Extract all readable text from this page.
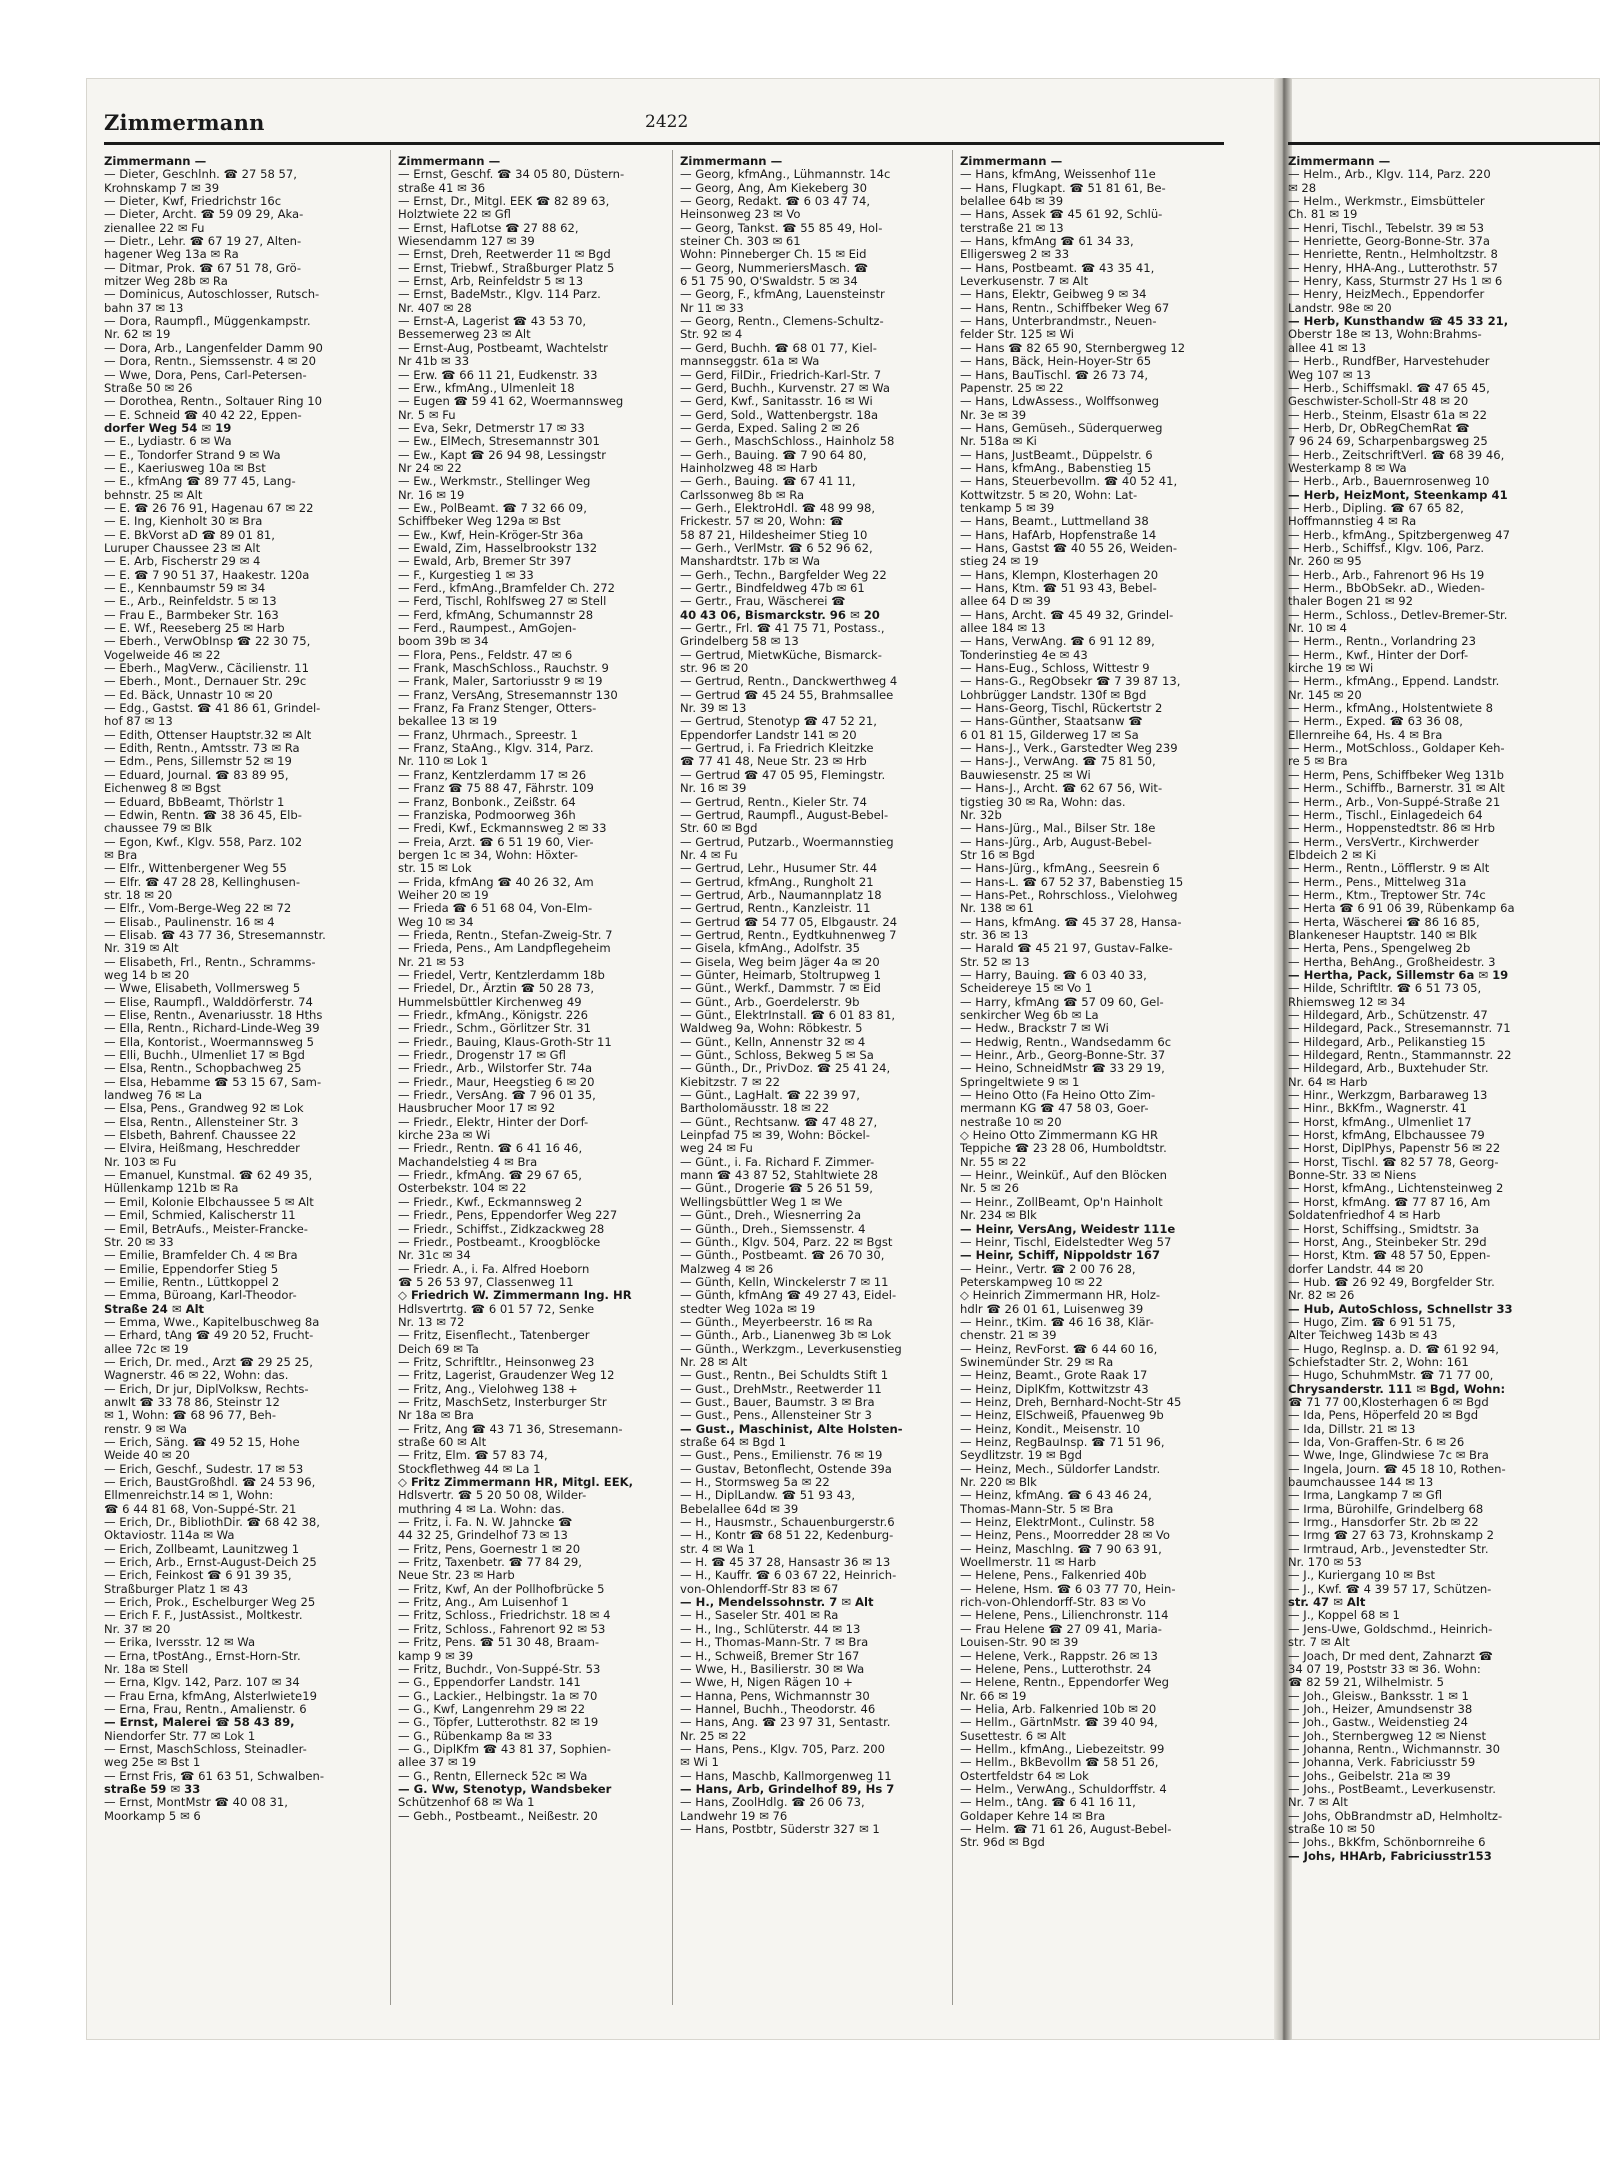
Zimmermann	2422
Zimmermann —
— Dieter, Geschlnh. ☎ 27 58 57,
Krohnskamp 7 ✉ 39
— Dieter, Kwf, Friedrichstr 16c
— Dieter, Archt. ☎ 59 09 29, Aka-
zienallee 22 ✉ Fu
— Dietr., Lehr. ☎ 67 19 27, Alten-
hagener Weg 13a ✉ Ra
— Ditmar, Prok. ☎ 67 51 78, Grö-
mitzer Weg 28b ✉ Ra
— Dominicus, Autoschlosser, Rutsch-
bahn 37 ✉ 13
— Dora, Raumpfl., Müggenkampstr.
Nr. 62 ✉ 19
— Dora, Arb., Langenfelder Damm 90
— Dora, Rentn., Siemssenstr. 4 ✉ 20
— Wwe, Dora, Pens, Carl-Petersen-
Straße 50 ✉ 26
— Dorothea, Rentn., Soltauer Ring 10
— E. Schneid ☎ 40 42 22, Eppen-
dorfer Weg 54 ✉ 19
— E., Lydiastr. 6 ✉ Wa
— E., Tondorfer Strand 9 ✉ Wa
— E., Kaeriusweg 10a ✉ Bst
— E., kfmAng ☎ 89 77 45, Lang-
behnstr. 25 ✉ Alt
— E. ☎ 26 76 91, Hagenau 67 ✉ 22
— E. Ing, Kienholt 30 ✉ Bra
— E. BkVorst aD ☎ 89 01 81,
Luruper Chaussee 23 ✉ Alt
— E. Arb, Fischerstr 29 ✉ 4
— E. ☎ 7 90 51 37, Haakestr. 120a
— E., Kennbaumstr 59 ✉ 34
— E., Arb., Reinfeldstr. 5 ✉ 13
— Frau E., Barmbeker Str. 163
— E. Wf., Reeseberg 25 ✉ Harb
— Eberh., VerwObInsp ☎ 22 30 75,
Vogelweide 46 ✉ 22
— Eberh., MagVerw., Cäcilienstr. 11
— Eberh., Mont., Dernauer Str. 29c
— Ed. Bäck, Unnastr 10 ✉ 20
— Edg., Gastst. ☎ 41 86 61, Grindel-
hof 87 ✉ 13
— Edith, Ottenser Hauptstr.32 ✉ Alt
— Edith, Rentn., Amtsstr. 73 ✉ Ra
— Edm., Pens, Sillemstr 52 ✉ 19
— Eduard, Journal. ☎ 83 89 95,
Eichenweg 8 ✉ Bgst
— Eduard, BbBeamt, Thörlstr 1
— Edwin, Rentn. ☎ 38 36 45, Elb-
chaussee 79 ✉ Blk
— Egon, Kwf., Klgv. 558, Parz. 102
✉ Bra
— Elfr., Wittenbergener Weg 55
— Elfr. ☎ 47 28 28, Kellinghusen-
str. 18 ✉ 20
— Elfr., Vom-Berge-Weg 22 ✉ 72
— Elisab., Paulinenstr. 16 ✉ 4
— Elisab. ☎ 43 77 36, Stresemannstr.
Nr. 319 ✉ Alt
— Elisabeth, Frl., Rentn., Schramms-
weg 14 b ✉ 20
— Wwe, Elisabeth, Vollmersweg 5
— Elise, Raumpfl., Walddörferstr. 74
— Elise, Rentn., Avenariusstr. 18 Hths
— Ella, Rentn., Richard-Linde-Weg 39
— Ella, Kontorist., Woermannsweg 5
— Elli, Buchh., Ulmenliet 17 ✉ Bgd
— Elsa, Rentn., Schopbachweg 25
— Elsa, Hebamme ☎ 53 15 67, Sam-
landweg 76 ✉ La
— Elsa, Pens., Grandweg 92 ✉ Lok
— Elsa, Rentn., Allensteiner Str. 3
— Elsbeth, Bahrenf. Chaussee 22
— Elvira, Heißmang, Heschredder
Nr. 103 ✉ Fu
— Emanuel, Kunstmal. ☎ 62 49 35,
Hüllenkamp 121b ✉ Ra
— Emil, Kolonie Elbchaussee 5 ✉ Alt
— Emil, Schmied, Kalischerstr 11
— Emil, BetrAufs., Meister-Francke-
Str. 20 ✉ 33
— Emilie, Bramfelder Ch. 4 ✉ Bra
— Emilie, Eppendorfer Stieg 5
— Emilie, Rentn., Lüttkoppel 2
— Emma, Büroang, Karl-Theodor-
Straße 24 ✉ Alt
— Emma, Wwe., Kapitelbuschweg 8a
— Erhard, tAng ☎ 49 20 52, Frucht-
allee 72c ✉ 19
— Erich, Dr. med., Arzt ☎ 29 25 25,
Wagnerstr. 46 ✉ 22, Wohn: das.
— Erich, Dr jur, DiplVolksw, Rechts-
anwlt ☎ 33 78 86, Steinstr 12
✉ 1, Wohn: ☎ 68 96 77, Beh-
renstr. 9 ✉ Wa
— Erich, Säng. ☎ 49 52 15, Hohe
Weide 40 ✉ 20
— Erich, Geschf., Sudestr. 17 ✉ 53
— Erich, BaustGroßhdl. ☎ 24 53 96,
Ellmenreichstr.14 ✉ 1, Wohn:
☎ 6 44 81 68, Von-Suppé-Str. 21
— Erich, Dr., BibliothDir. ☎ 68 42 38,
Oktaviostr. 114a ✉ Wa
— Erich, Zollbeamt, Launitzweg 1
— Erich, Arb., Ernst-August-Deich 25
— Erich, Feinkost ☎ 6 91 39 35,
Straßburger Platz 1 ✉ 43
— Erich, Prok., Eschelburger Weg 25
— Erich F. F., JustAssist., Moltkestr.
Nr. 37 ✉ 20
— Erika, Iversstr. 12 ✉ Wa
— Erna, tPostAng., Ernst-Horn-Str.
Nr. 18a ✉ Stell
— Erna, Klgv. 142, Parz. 107 ✉ 34
— Frau Erna, kfmAng, Alsterlwiete19
— Erna, Frau, Rentn., Amalienstr. 6
— Ernst, Malerei ☎ 58 43 89,
Niendorfer Str. 77 ✉ Lok 1
— Ernst, MaschSchloss, Steinadler-
weg 25e ✉ Bst 1
— Ernst Fris, ☎ 61 63 51, Schwalben-
straße 59 ✉ 33
— Ernst, MontMstr ☎ 40 08 31,
Moorkamp 5 ✉ 6
Zimmermann —
— Ernst, Geschf. ☎ 34 05 80, Düstern-
straße 41 ✉ 36
— Ernst, Dr., Mitgl. EEK ☎ 82 89 63,
Holztwiete 22 ✉ Gfl
— Ernst, HafLotse ☎ 27 88 62,
Wiesendamm 127 ✉ 39
— Ernst, Dreh, Reetwerder 11 ✉ Bgd
— Ernst, Triebwf., Straßburger Platz 5
— Ernst, Arb, Reinfeldstr 5 ✉ 13
— Ernst, BadeMstr., Klgv. 114 Parz.
Nr. 407 ✉ 28
— Ernst-A, Lagerist ☎ 43 53 70,
Bessemerweg 23 ✉ Alt
— Ernst-Aug, Postbeamt, Wachtelstr
Nr 41b ✉ 33
— Erw. ☎ 66 11 21, Eudkenstr. 33
— Erw., kfmAng., Ulmenleit 18
— Eugen ☎ 59 41 62, Woermannsweg
Nr. 5 ✉ Fu
— Eva, Sekr, Detmerstr 17 ✉ 33
— Ew., ElMech, Stresemannstr 301
— Ew., Kapt ☎ 26 94 98, Lessingstr
Nr 24 ✉ 22
— Ew., Werkmstr., Stellinger Weg
Nr. 16 ✉ 19
— Ew., PolBeamt. ☎ 7 32 66 09,
Schiffbeker Weg 129a ✉ Bst
— Ew., Kwf, Hein-Kröger-Str 36a
— Ewald, Zim, Hasselbrookstr 132
— Ewald, Arb, Bremer Str 397
— F., Kurgestieg 1 ✉ 33
— Ferd., kfmAng.,Bramfelder Ch. 272
— Ferd, Tischl, Rohlfsweg 27 ✉ Stell
— Ferd, kfmAng, Schumannstr 28
— Ferd., Raumpest., AmGojen-
boom 39b ✉ 34
— Flora, Pens., Feldstr. 47 ✉ 6
— Frank, MaschSchloss., Rauchstr. 9
— Frank, Maler, Sartoriusstr 9 ✉ 19
— Franz, VersAng, Stresemannstr 130
— Franz, Fa Franz Stenger, Otters-
bekallee 13 ✉ 19
— Franz, Uhrmach., Spreestr. 1
— Franz, StaAng., Klgv. 314, Parz.
Nr. 110 ✉ Lok 1
— Franz, Kentzlerdamm 17 ✉ 26
— Franz ☎ 75 88 47, Fährstr. 109
— Franz, Bonbonk., Zeißstr. 64
— Franziska, Podmoorweg 36h
— Fredi, Kwf., Eckmannsweg 2 ✉ 33
— Freia, Arzt. ☎ 6 51 19 60, Vier-
bergen 1c ✉ 34, Wohn: Höxter-
str. 15 ✉ Lok
— Frida, kfmAng ☎ 40 26 32, Am
Weiher 20 ✉ 19
— Frieda ☎ 6 51 68 04, Von-Elm-
Weg 10 ✉ 34
— Frieda, Rentn., Stefan-Zweig-Str. 7
— Frieda, Pens., Am Landpflegeheim
Nr. 21 ✉ 53
— Friedel, Vertr, Kentzlerdamm 18b
— Friedel, Dr., Ärztin ☎ 50 28 73,
Hummelsbüttler Kirchenweg 49
— Friedr., kfmAng., Königstr. 226
— Friedr., Schm., Görlitzer Str. 31
— Friedr., Bauing, Klaus-Groth-Str 11
— Friedr., Drogenstr 17 ✉ Gfl
— Friedr., Arb., Wilstorfer Str. 74a
— Friedr., Maur, Heegstieg 6 ✉ 20
— Friedr., VersAng. ☎ 7 96 01 35,
Hausbrucher Moor 17 ✉ 92
— Friedr., Elektr, Hinter der Dorf-
kirche 23a ✉ Wi
— Friedr., Rentn. ☎ 6 41 16 46,
Machandelstieg 4 ✉ Bra
— Friedr., kfmAng. ☎ 29 67 65,
Osterbekstr. 104 ✉ 22
— Friedr., Kwf., Eckmannsweg 2
— Friedr., Pens, Eppendorfer Weg 227
— Friedr., Schiffst., Zidkzackweg 28
— Friedr., Postbeamt., Kroogblöcke
Nr. 31c ✉ 34
— Friedr. A., i. Fa. Alfred Hoeborn
☎ 5 26 53 97, Classenweg 11
◇ Friedrich W. Zimmermann Ing. HR
Hdlsvertrtg. ☎ 6 01 57 72, Senke
Nr. 13 ✉ 72
— Fritz, Eisenflecht., Tatenberger
Deich 69 ✉ Ta
— Fritz, Schriftltr., Heinsonweg 23
— Fritz, Lagerist, Graudenzer Weg 12
— Fritz, Ang., Vielohweg 138 +
— Fritz, MaschSetz, Insterburger Str
Nr 18a ✉ Bra
— Fritz, Ang ☎ 43 71 36, Stresemann-
straße 60 ✉ Alt
— Fritz, Elm. ☎ 57 83 74,
Stockflethweg 44 ✉ La 1
◇ Fritz Zimmermann HR, Mitgl. EEK,
Hdlsvertr. ☎ 5 20 50 08, Wilder-
muthring 4 ✉ La. Wohn: das.
— Fritz, i. Fa. N. W. Jahncke ☎
44 32 25, Grindelhof 73 ✉ 13
— Fritz, Pens, Goernestr 1 ✉ 20
— Fritz, Taxenbetr. ☎ 77 84 29,
Neue Str. 23 ✉ Harb
— Fritz, Kwf, An der Pollhofbrücke 5
— Fritz, Ang., Am Luisenhof 1
— Fritz, Schloss., Friedrichstr. 18 ✉ 4
— Fritz, Schloss., Fahrenort 92 ✉ 53
— Fritz, Pens. ☎ 51 30 48, Braam-
kamp 9 ✉ 39
— Fritz, Buchdr., Von-Suppé-Str. 53
— G., Eppendorfer Landstr. 141
— G., Lackier., Helbingstr. 1a ✉ 70
— G., Kwf, Langenrehm 29 ✉ 22
— G., Töpfer, Lutterothstr. 82 ✉ 19
— G., Rübenkamp 8a ✉ 33
— G., DiplKfm ☎ 43 81 37, Sophien-
allee 37 ✉ 19
— G., Rentn, Ellerneck 52c ✉ Wa
— G. Ww, Stenotyp, Wandsbeker
Schützenhof 68 ✉ Wa 1
— Gebh., Postbeamt., Neißestr. 20
Zimmermann —
— Georg, kfmAng., Lühmannstr. 14c
— Georg, Ang, Am Kiekeberg 30
— Georg, Redakt. ☎ 6 03 47 74,
Heinsonweg 23 ✉ Vo
— Georg, Tankst. ☎ 55 85 49, Hol-
steiner Ch. 303 ✉ 61
Wohn: Pinneberger Ch. 15 ✉ Eid
— Georg, NummeriersMasch. ☎
6 51 75 90, O'Swaldstr. 5 ✉ 34
— Georg, F., kfmAng, Lauensteinstr
Nr 11 ✉ 33
— Georg, Rentn., Clemens-Schultz-
Str. 92 ✉ 4
— Gerd, Buchh. ☎ 68 01 77, Kiel-
mannseggstr. 61a ✉ Wa
— Gerd, FilDir., Friedrich-Karl-Str. 7
— Gerd, Buchh., Kurvenstr. 27 ✉ Wa
— Gerd, Kwf., Sanitasstr. 16 ✉ Wi
— Gerd, Sold., Wattenbergstr. 18a
— Gerda, Exped. Saling 2 ✉ 26
— Gerh., MaschSchloss., Hainholz 58
— Gerh., Bauing. ☎ 7 90 64 80,
Hainholzweg 48 ✉ Harb
— Gerh., Bauing. ☎ 67 41 11,
Carlssonweg 8b ✉ Ra
— Gerh., ElektroHdl. ☎ 48 99 98,
Frickestr. 57 ✉ 20, Wohn: ☎
58 87 21, Hildesheimer Stieg 10
— Gerh., VerlMstr. ☎ 6 52 96 62,
Manshardtstr. 17b ✉ Wa
— Gerh., Techn., Bargfelder Weg 22
— Gertr., Bindfeldweg 47b ✉ 61
— Gertr., Frau, Wäscherei ☎
40 43 06, Bismarckstr. 96 ✉ 20
— Gertr., Frl. ☎ 41 75 71, Postass.,
Grindelberg 58 ✉ 13
— Gertrud, MietwKüche, Bismarck-
str. 96 ✉ 20
— Gertrud, Rentn., Danckwerthweg 4
— Gertrud ☎ 45 24 55, Brahmsallee
Nr. 39 ✉ 13
— Gertrud, Stenotyp ☎ 47 52 21,
Eppendorfer Landstr 141 ✉ 20
— Gertrud, i. Fa Friedrich Kleitzke
☎ 77 41 48, Neue Str. 23 ✉ Hrb
— Gertrud ☎ 47 05 95, Flemingstr.
Nr. 16 ✉ 39
— Gertrud, Rentn., Kieler Str. 74
— Gertrud, Raumpfl., August-Bebel-
Str. 60 ✉ Bgd
— Gertrud, Putzarb., Woermannstieg
Nr. 4 ✉ Fu
— Gertrud, Lehr., Husumer Str. 44
— Gertrud, kfmAng., Rungholt 21
— Gertrud, Arb., Naumannplatz 18
— Gertrud, Rentn., Kanzleistr. 11
— Gertrud ☎ 54 77 05, Elbgaustr. 24
— Gertrud, Rentn., Eydtkuhnenweg 7
— Gisela, kfmAng., Adolfstr. 35
— Gisela, Weg beim Jäger 4a ✉ 20
— Günter, Heimarb, Stoltrupweg 1
— Günt., Werkf., Dammstr. 7 ✉ Eid
— Günt., Arb., Goerdelerstr. 9b
— Günt., ElektrInstall. ☎ 6 01 83 81,
Waldweg 9a, Wohn: Röbkestr. 5
— Günt., Kelln, Annenstr 32 ✉ 4
— Günt., Schloss, Bekweg 5 ✉ Sa
— Günth., Dr., PrivDoz. ☎ 25 41 24,
Kiebitzstr. 7 ✉ 22
— Günt., LagHalt. ☎ 22 39 97,
Bartholomäusstr. 18 ✉ 22
— Günt., Rechtsanw. ☎ 47 48 27,
Leinpfad 75 ✉ 39, Wohn: Böckel-
weg 24 ✉ Fu
— Günt., i. Fa. Richard F. Zimmer-
mann ☎ 43 87 52, Stahltwiete 28
— Günt., Drogerie ☎ 5 26 51 59,
Wellingsbüttler Weg 1 ✉ We
— Günt., Dreh., Wiesnerring 2a
— Günth., Dreh., Siemssenstr. 4
— Günth., Klgv. 504, Parz. 22 ✉ Bgst
— Günth., Postbeamt. ☎ 26 70 30,
Malzweg 4 ✉ 26
— Günth, Kelln, Winckelerstr 7 ✉ 11
— Günth, kfmAng ☎ 49 27 43, Eidel-
stedter Weg 102a ✉ 19
— Günth., Meyerbeerstr. 16 ✉ Ra
— Günth., Arb., Lianenweg 3b ✉ Lok
— Günth., Werkzgm., Leverkusenstieg
Nr. 28 ✉ Alt
— Gust., Rentn., Bei Schuldts Stift 1
— Gust., DrehMstr., Reetwerder 11
— Gust., Bauer, Baumstr. 3 ✉ Bra
— Gust., Pens., Allensteiner Str 3
— Gust., Maschinist, Alte Holsten-
straße 64 ✉ Bgd 1
— Gust., Pens., Emilienstr. 76 ✉ 19
— Gustav, Betonflecht, Ostende 39a
— H., Stormsweg 5a ✉ 22
— H., DiplLandw. ☎ 51 93 43,
Bebelallee 64d ✉ 39
— H., Hausmstr., Schauenburgerstr.6
— H., Kontr ☎ 68 51 22, Kedenburg-
str. 4 ✉ Wa 1
— H. ☎ 45 37 28, Hansastr 36 ✉ 13
— H., Kauffr. ☎ 6 03 67 22, Heinrich-
von-Ohlendorff-Str 83 ✉ 67
— H., Mendelssohnstr. 7 ✉ Alt
— H., Saseler Str. 401 ✉ Ra
— H., Ing., Schlüterstr. 44 ✉ 13
— H., Thomas-Mann-Str. 7 ✉ Bra
— H., Schweiß, Bremer Str 167
— Wwe, H., Basilierstr. 30 ✉ Wa
— Wwe, H, Nigen Rägen 10 +
— Hanna, Pens, Wichmannstr 30
— Hannel, Buchh., Theodorstr. 46
— Hans, Ang. ☎ 23 97 31, Sentastr.
Nr. 25 ✉ 22
— Hans, Pens., Klgv. 705, Parz. 200
✉ Wi 1
— Hans, Maschb, Kallmorgenweg 11
— Hans, Arb, Grindelhof 89, Hs 7
— Hans, ZoolHdlg. ☎ 26 06 73,
Landwehr 19 ✉ 76
— Hans, Postbtr, Süderstr 327 ✉ 1
Zimmermann —
— Hans, kfmAng, Weissenhof 11e
— Hans, Flugkapt. ☎ 51 81 61, Be-
belallee 64b ✉ 39
— Hans, Assek ☎ 45 61 92, Schlü-
terstraße 21 ✉ 13
— Hans, kfmAng ☎ 61 34 33,
Elligersweg 2 ✉ 33
— Hans, Postbeamt. ☎ 43 35 41,
Leverkusenstr. 7 ✉ Alt
— Hans, Elektr, Geibweg 9 ✉ 34
— Hans, Rentn., Schiffbeker Weg 67
— Hans, Unterbrandmstr., Neuen-
felder Str. 125 ✉ Wi
— Hans ☎ 82 65 90, Sternbergweg 12
— Hans, Bäck, Hein-Hoyer-Str 65
— Hans, BauTischl. ☎ 26 73 74,
Papenstr. 25 ✉ 22
— Hans, LdwAssess., Wolffsonweg
Nr. 3e ✉ 39
— Hans, Gemüseh., Süderquerweg
Nr. 518a ✉ Ki
— Hans, JustBeamt., Düppelstr. 6
— Hans, kfmAng., Babenstieg 15
— Hans, Steuerbevollm. ☎ 40 52 41,
Kottwitzstr. 5 ✉ 20, Wohn: Lat-
tenkamp 5 ✉ 39
— Hans, Beamt., Luttmelland 38
— Hans, HafArb, Hopfenstraße 14
— Hans, Gastst ☎ 40 55 26, Weiden-
stieg 24 ✉ 19
— Hans, Klempn, Klosterhagen 20
— Hans, Ktm. ☎ 51 93 43, Bebel-
allee 64 D ✉ 39
— Hans, Archt. ☎ 45 49 32, Grindel-
allee 184 ✉ 13
— Hans, VerwAng. ☎ 6 91 12 89,
Tonderinstieg 4e ✉ 43
— Hans-Eug., Schloss, Wittestr 9
— Hans-G., RegObsekr ☎ 7 39 87 13,
Lohbrügger Landstr. 130f ✉ Bgd
— Hans-Georg, Tischl, Rückertstr 2
— Hans-Günther, Staatsanw ☎
6 01 81 15, Gilderweg 17 ✉ Sa
— Hans-J., Verk., Garstedter Weg 239
— Hans-J., VerwAng. ☎ 75 81 50,
Bauwiesenstr. 25 ✉ Wi
— Hans-J., Archt. ☎ 62 67 56, Wit-
tigstieg 30 ✉ Ra, Wohn: das.
Nr. 32b
— Hans-Jürg., Mal., Bilser Str. 18e
— Hans-Jürg., Arb, August-Bebel-
Str 16 ✉ Bgd
— Hans-Jürg., kfmAng., Seesrein 6
— Hans-L. ☎ 67 52 37, Babenstieg 15
— Hans-Pet., Rohrschloss., Vielohweg
Nr. 138 ✉ 61
— Hans, kfmAng. ☎ 45 37 28, Hansa-
str. 36 ✉ 13
— Harald ☎ 45 21 97, Gustav-Falke-
Str. 52 ✉ 13
— Harry, Bauing. ☎ 6 03 40 33,
Scheidereye 15 ✉ Vo 1
— Harry, kfmAng ☎ 57 09 60, Gel-
senkircher Weg 6b ✉ La
— Hedw., Brackstr 7 ✉ Wi
— Hedwig, Rentn., Wandsedamm 6c
— Heinr., Arb., Georg-Bonne-Str. 37
— Heino, SchneidMstr ☎ 33 29 19,
Springeltwiete 9 ✉ 1
— Heino Otto (Fa Heino Otto Zim-
mermann KG ☎ 47 58 03, Goer-
nestraße 10 ✉ 20
◇ Heino Otto Zimmermann KG HR
Teppiche ☎ 23 28 06, Humboldtstr.
Nr. 55 ✉ 22
— Heinr., Weinküf., Auf den Blöcken
Nr. 5 ✉ 26
— Heinr., ZollBeamt, Op'n Hainholt
Nr. 234 ✉ Blk
— Heinr, VersAng, Weidestr 111e
— Heinr, Tischl, Eidelstedter Weg 57
— Heinr, Schiff, Nippoldstr 167
— Heinr., Vertr. ☎ 2 00 76 28,
Peterskampweg 10 ✉ 22
◇ Heinrich Zimmermann HR, Holz-
hdlr ☎ 26 01 61, Luisenweg 39
— Heinr., tKim. ☎ 46 16 38, Klär-
chenstr. 21 ✉ 39
— Heinz, RevForst. ☎ 6 44 60 16,
Swinemünder Str. 29 ✉ Ra
— Heinz, Beamt., Grote Raak 17
— Heinz, DiplKfm, Kottwitzstr 43
— Heinz, Dreh, Bernhard-Nocht-Str 45
— Heinz, ElSchweiß, Pfauenweg 9b
— Heinz, Kondit., Meisenstr. 10
— Heinz, RegBauInsp. ☎ 71 51 96,
Seydlitzstr. 19 ✉ Bgd
— Heinz, Mech., Süldorfer Landstr.
Nr. 220 ✉ Blk
— Heinz, kfmAng. ☎ 6 43 46 24,
Thomas-Mann-Str. 5 ✉ Bra
— Heinz, ElektrMont., Culinstr. 58
— Heinz, Pens., Moorredder 28 ✉ Vo
— Heinz, Maschlng. ☎ 7 90 63 91,
Woellmerstr. 11 ✉ Harb
— Helene, Pens., Falkenried 40b
— Helene, Hsm. ☎ 6 03 77 70, Hein-
rich-von-Ohlendorff-Str. 83 ✉ Vo
— Helene, Pens., Lilienchronstr. 114
— Frau Helene ☎ 27 09 41, Maria-
Louisen-Str. 90 ✉ 39
— Helene, Verk., Rappstr. 26 ✉ 13
— Helene, Pens., Lutterothstr. 24
— Helene, Rentn., Eppendorfer Weg
Nr. 66 ✉ 19
— Helia, Arb. Falkenried 10b ✉ 20
— Hellm., GärtnMstr. ☎ 39 40 94,
Susettestr. 6 ✉ Alt
— Hellm., kfmAng., Liebezeitstr. 99
— Hellm., BkBevollm ☎ 58 51 26,
Ostertfeldstr 64 ✉ Lok
— Helm., VerwAng., Schuldorffstr. 4
— Helm., tAng. ☎ 6 41 16 11,
Goldaper Kehre 14 ✉ Bra
— Helm. ☎ 71 61 26, August-Bebel-
Str. 96d ✉ Bgd
Zimmermann —
— Helm., Arb., Klgv. 114, Parz. 220
✉ 28
— Helm., Werkmstr., Eimsbütteler
Ch. 81 ✉ 19
— Henri, Tischl., Tebelstr. 39 ✉ 53
— Henriette, Georg-Bonne-Str. 37a
— Henriette, Rentn., Helmholtzstr. 8
— Henry, HHA-Ang., Lutterothstr. 57
— Henry, Kass, Sturmstr 27 Hs 1 ✉ 6
— Henry, HeizMech., Eppendorfer
Landstr. 98e ✉ 20
— Herb, Kunsthandw ☎ 45 33 21,
Oberstr 18e ✉ 13, Wohn:Brahms-
allee 41 ✉ 13
— Herb., RundfBer, Harvestehuder
Weg 107 ✉ 13
— Herb., Schiffsmakl. ☎ 47 65 45,
Geschwister-Scholl-Str 48 ✉ 20
— Herb., Steinm, Elsastr 61a ✉ 22
— Herb, Dr, ObRegChemRat ☎
7 96 24 69, Scharpenbargsweg 25
— Herb., ZeitschriftVerl. ☎ 68 39 46,
Westerkamp 8 ✉ Wa
— Herb., Arb., Bauernrosenweg 10
— Herb, HeizMont, Steenkamp 41
— Herb., Dipling. ☎ 67 65 82,
Hoffmannstieg 4 ✉ Ra
— Herb., kfmAng., Spitzbergenweg 47
— Herb., Schiffsf., Klgv. 106, Parz.
Nr. 260 ✉ 95
— Herb., Arb., Fahrenort 96 Hs 19
— Herm., BbObSekr. aD., Wieden-
thaler Bogen 21 ✉ 92
— Herm., Schloss., Detlev-Bremer-Str.
Nr. 10 ✉ 4
— Herm., Rentn., Vorlandring 23
— Herm., Kwf., Hinter der Dorf-
kirche 19 ✉ Wi
— Herm., kfmAng., Eppend. Landstr.
Nr. 145 ✉ 20
— Herm., kfmAng., Holstentwiete 8
— Herm., Exped. ☎ 63 36 08,
Ellernreihe 64, Hs. 4 ✉ Bra
— Herm., MotSchloss., Goldaper Keh-
re 5 ✉ Bra
— Herm, Pens, Schiffbeker Weg 131b
— Herm., Schiffb., Barnerstr. 31 ✉ Alt
— Herm., Arb., Von-Suppé-Straße 21
— Herm., Tischl., Einlagedeich 64
— Herm., Hoppenstedtstr. 86 ✉ Hrb
— Herm., VersVertr., Kirchwerder
Elbdeich 2 ✉ Ki
— Herm., Rentn., Löfflerstr. 9 ✉ Alt
— Herm., Pens., Mittelweg 31a
— Herm., Ktm., Treptower Str. 74c
— Herta ☎ 6 91 06 39, Rübenkamp 6a
— Herta, Wäscherei ☎ 86 16 85,
Blankeneser Hauptstr. 140 ✉ Blk
— Herta, Pens., Spengelweg 2b
— Hertha, BehAng., Großheidestr. 3
— Hertha, Pack, Sillemstr 6a ✉ 19
— Hilde, Schriftltr. ☎ 6 51 73 05,
Rhiemsweg 12 ✉ 34
— Hildegard, Arb., Schützenstr. 47
— Hildegard, Pack., Stresemannstr. 71
— Hildegard, Arb., Pelikanstieg 15
— Hildegard, Rentn., Stammannstr. 22
— Hildegard, Arb., Buxtehuder Str.
Nr. 64 ✉ Harb
— Hinr., Werkzgm, Barbaraweg 13
— Hinr., BkKfm., Wagnerstr. 41
— Horst, kfmAng., Ulmenliet 17
— Horst, kfmAng, Elbchaussee 79
— Horst, DiplPhys, Papenstr 56 ✉ 22
— Horst, Tischl. ☎ 82 57 78, Georg-
Bonne-Str. 33 ✉ Niens
— Horst, kfmAng., Lichtensteinweg 2
— Horst, kfmAng. ☎ 77 87 16, Am
Soldatenfriedhof 4 ✉ Harb
— Horst, Schiffsing., Smidtstr. 3a
— Horst, Ang., Steinbeker Str. 29d
— Horst, Ktm. ☎ 48 57 50, Eppen-
dorfer Landstr. 44 ✉ 20
— Hub. ☎ 26 92 49, Borgfelder Str.
Nr. 82 ✉ 26
— Hub, AutoSchloss, Schnellstr 33
— Hugo, Zim. ☎ 6 91 51 75,
Alter Teichweg 143b ✉ 43
— Hugo, RegInsp. a. D. ☎ 61 92 94,
Schiefstadter Str. 2, Wohn: 161
— Hugo, SchuhmMstr. ☎ 71 77 00,
Chrysanderstr. 111 ✉ Bgd, Wohn:
☎ 71 77 00,Klosterhagen 6 ✉ Bgd
— Ida, Pens, Höperfeld 20 ✉ Bgd
— Ida, Dillstr. 21 ✉ 13
— Ida, Von-Graffen-Str. 6 ✉ 26
— Wwe, Inge, Glindwiese 7c ✉ Bra
— Ingela, Journ. ☎ 45 18 10, Rothen-
baumchaussee 144 ✉ 13
— Irma, Langkamp 7 ✉ Gfl
— Irma, Bürohilfe, Grindelberg 68
— Irmg., Hansdorfer Str. 2b ✉ 22
— Irmg ☎ 27 63 73, Krohnskamp 2
— Irmtraud, Arb., Jevenstedter Str.
Nr. 170 ✉ 53
— J., Kuriergang 10 ✉ Bst
— J., Kwf. ☎ 4 39 57 17, Schützen-
str. 47 ✉ Alt
— J., Koppel 68 ✉ 1
— Jens-Uwe, Goldschmd., Heinrich-
str. 7 ✉ Alt
— Joach, Dr med dent, Zahnarzt ☎
34 07 19, Poststr 33 ✉ 36. Wohn:
☎ 82 59 21, Wilhelmistr. 5
— Joh., Gleisw., Banksstr. 1 ✉ 1
— Joh., Heizer, Amundsenstr 38
— Joh., Gastw., Weidenstieg 24
— Joh., Sternbergweg 12 ✉ Nienst
— Johanna, Rentn., Wichmannstr. 30
— Johanna, Verk. Fabriciusstr 59
— Johs., Geibelstr. 21a ✉ 39
— Johs., PostBeamt., Leverkusenstr.
Nr. 7 ✉ Alt
— Johs, ObBrandmstr aD, Helmholtz-
straße 10 ✉ 50
— Johs., BkKfm, Schönbornreihe 6
— Johs, HHArb, Fabriciusstr153
